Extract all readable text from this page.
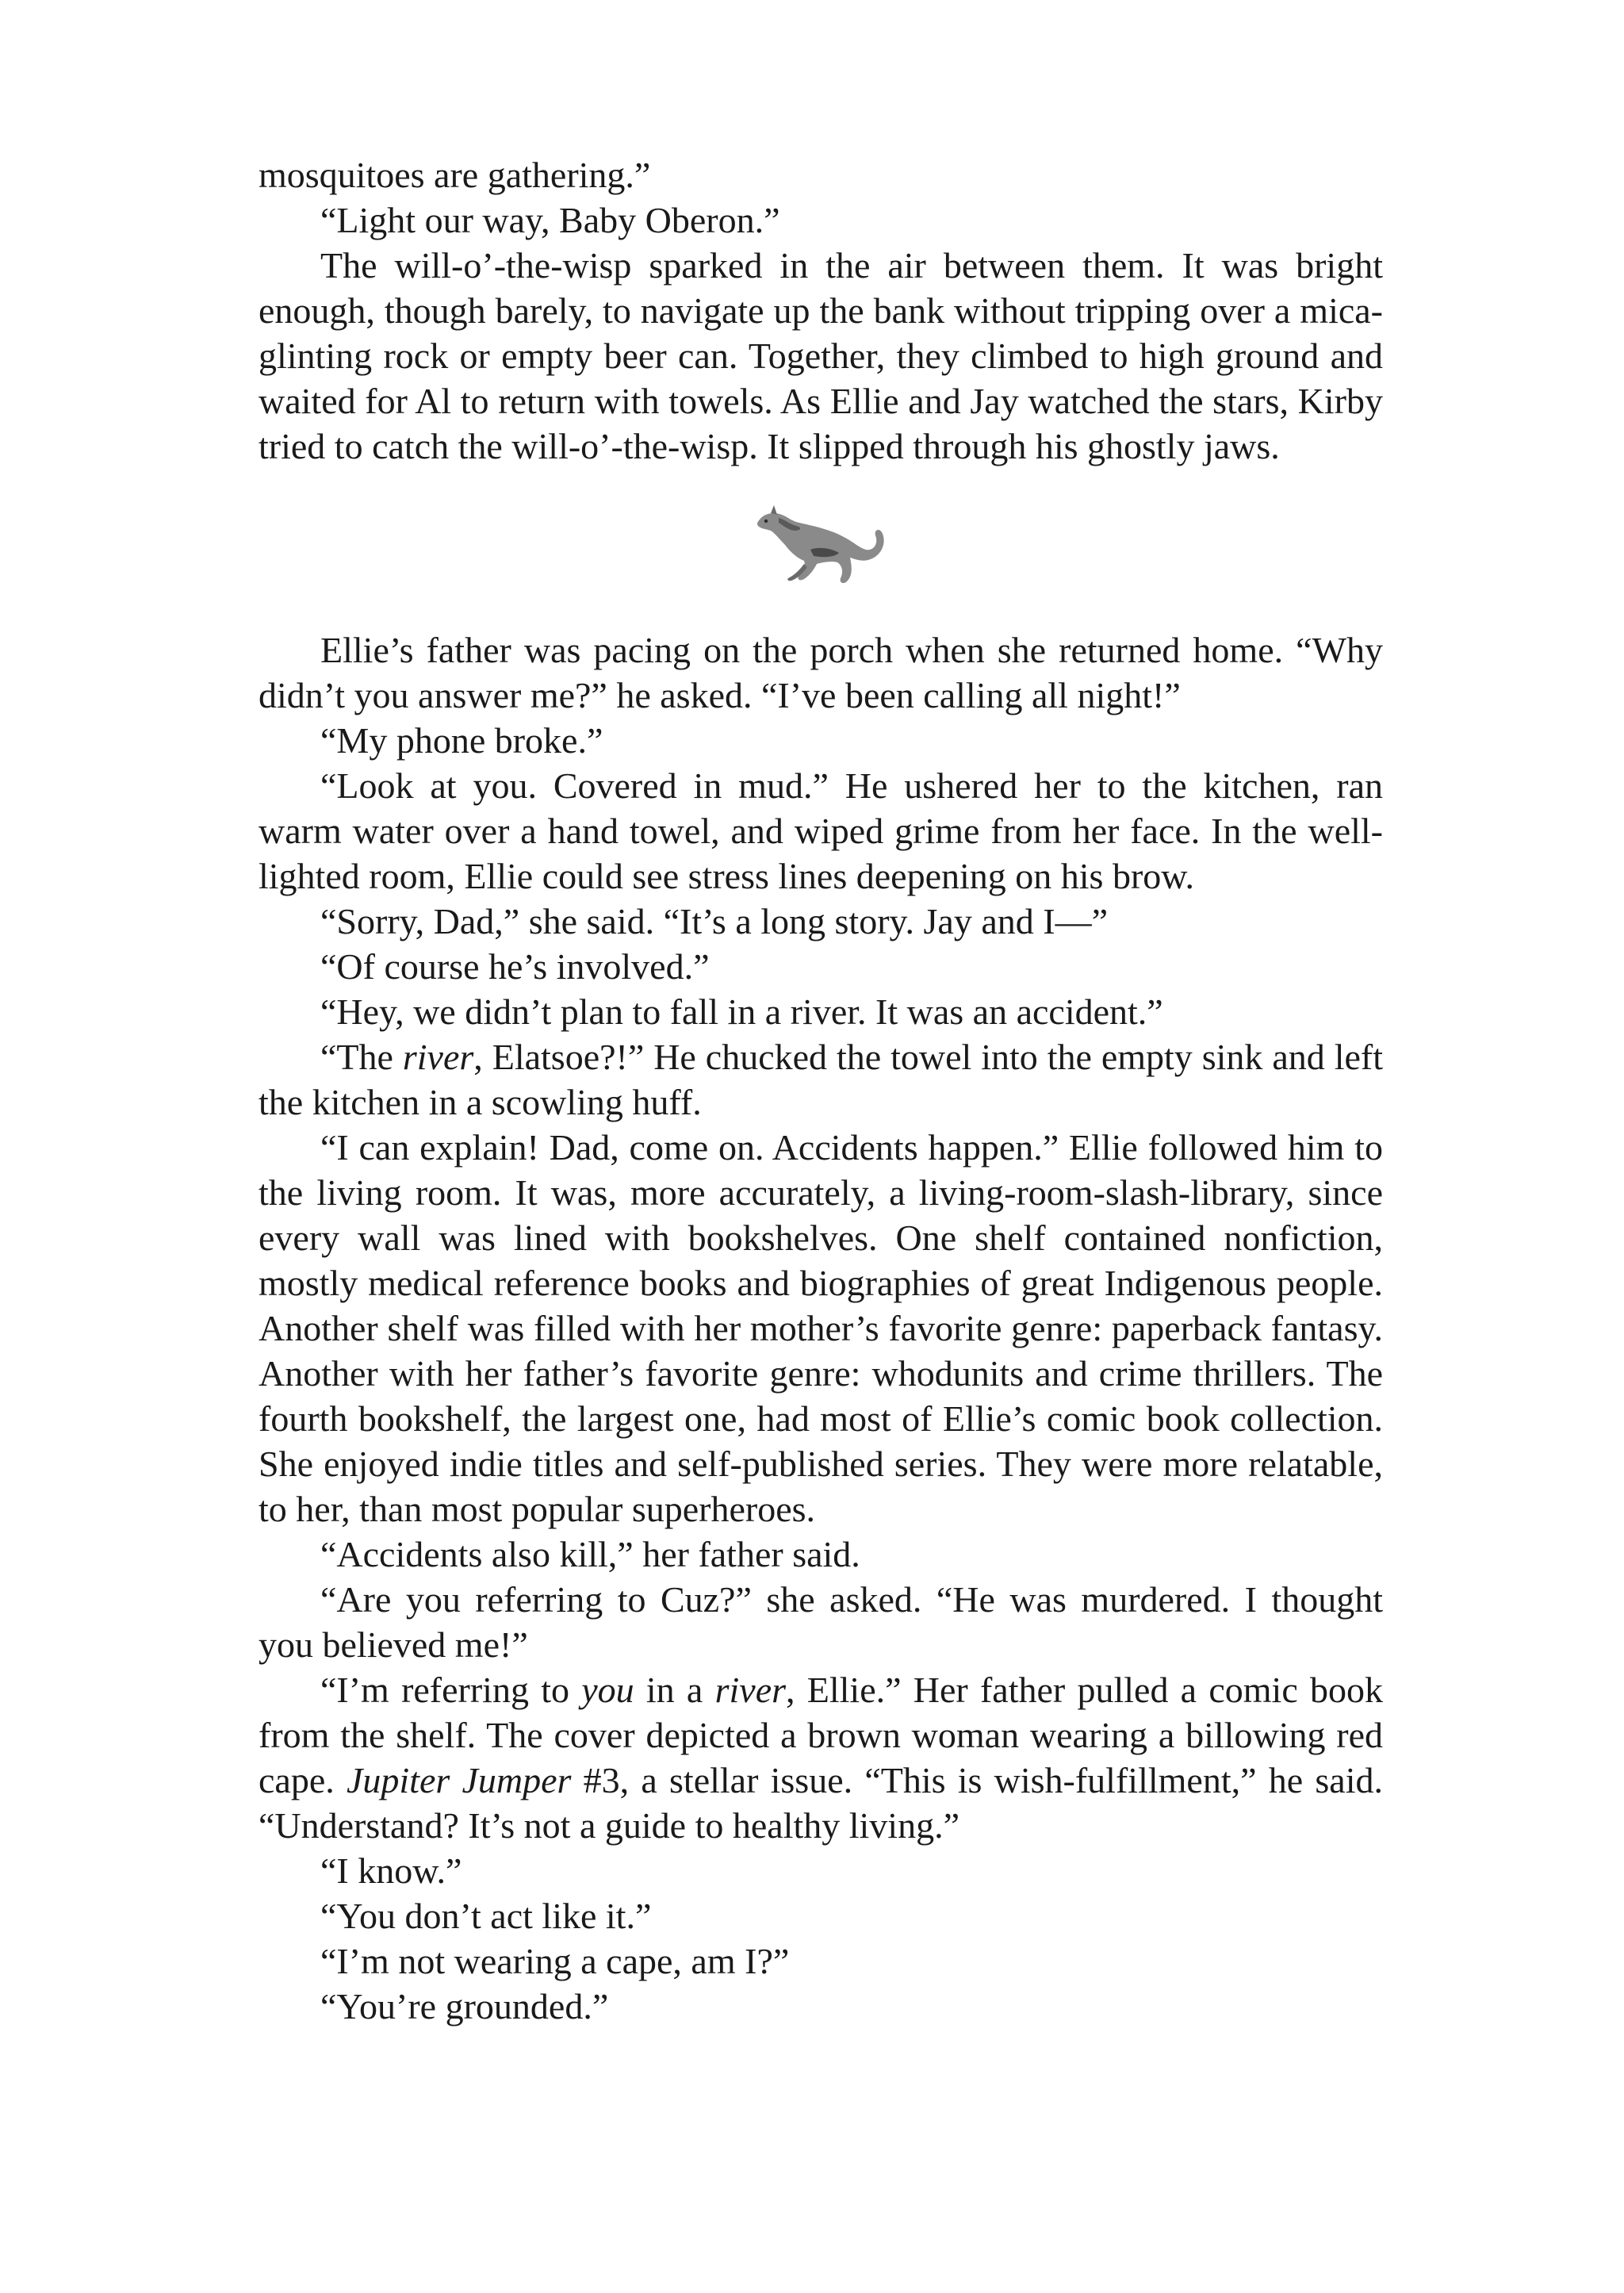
mosquitoes are gathering.”

“Light our way, Baby Oberon.”

The will-o’-the-wisp sparked in the air between them. It was bright enough, though barely, to navigate up the bank without tripping over a mica-glinting rock or empty beer can. Together, they climbed to high ground and waited for Al to return with towels. As Ellie and Jay watched the stars, Kirby tried to catch the will-o’-the-wisp. It slipped through his ghostly jaws.

Ellie’s father was pacing on the porch when she returned home. “Why didn’t you answer me?” he asked. “I’ve been calling all night!”

“My phone broke.”

“Look at you. Covered in mud.” He ushered her to the kitchen, ran warm water over a hand towel, and wiped grime from her face. In the well-lighted room, Ellie could see stress lines deepening on his brow.

“Sorry, Dad,” she said. “It’s a long story. Jay and I—”

“Of course he’s involved.”

“Hey, we didn’t plan to fall in a river. It was an accident.”

“The river, Elatsoe?!” He chucked the towel into the empty sink and left the kitchen in a scowling huff.

“I can explain! Dad, come on. Accidents happen.” Ellie followed him to the living room. It was, more accurately, a living-room-slash-library, since every wall was lined with bookshelves. One shelf contained nonfiction, mostly medical reference books and biographies of great Indigenous people. Another shelf was filled with her mother’s favorite genre: paperback fantasy. Another with her father’s favorite genre: whodunits and crime thrillers. The fourth bookshelf, the largest one, had most of Ellie’s comic book collection. She enjoyed indie titles and self-published series. They were more relatable, to her, than most popular superheroes.

“Accidents also kill,” her father said.

“Are you referring to Cuz?” she asked. “He was murdered. I thought you believed me!”

“I’m referring to you in a river, Ellie.” Her father pulled a comic book from the shelf. The cover depicted a brown woman wearing a billowing red cape. Jupiter Jumper #3, a stellar issue. “This is wish-fulfillment,” he said. “Understand? It’s not a guide to healthy living.”

“I know.”

“You don’t act like it.”

“I’m not wearing a cape, am I?”

“You’re grounded.”
